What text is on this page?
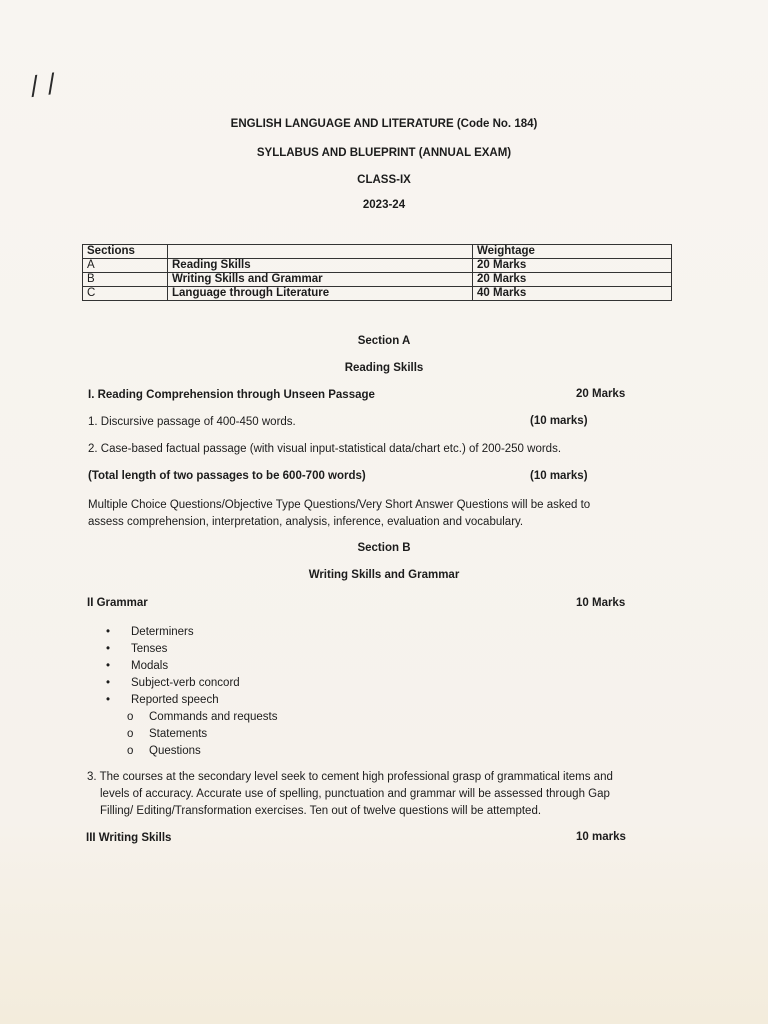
/ /
ENGLISH LANGUAGE AND LITERATURE (Code No. 184)
SYLLABUS AND BLUEPRINT (ANNUAL EXAM)
CLASS-IX
2023-24
Sections		Weightage
A	Reading Skills	20 Marks
B	Writing Skills and Grammar	20 Marks
C	Language through Literature	40 Marks
Section A
Reading Skills
I. Reading Comprehension through Unseen Passage	20 Marks
1. Discursive passage of 400-450 words.	(10 marks)
2. Case-based factual passage (with visual input-statistical data/chart etc.) of 200-250 words.
(Total length of two passages to be 600-700 words)	(10 marks)
Multiple Choice Questions/Objective Type Questions/Very Short Answer Questions will be asked to
assess comprehension, interpretation, analysis, inference, evaluation and vocabulary.
Section B
Writing Skills and Grammar
II Grammar	10 Marks
• Determiners
• Tenses
• Modals
• Subject-verb concord
• Reported speech
o Commands and requests
o Statements
o Questions
3. The courses at the secondary level seek to cement high professional grasp of grammatical items and
levels of accuracy. Accurate use of spelling, punctuation and grammar will be assessed through Gap
Filling/ Editing/Transformation exercises. Ten out of twelve questions will be attempted.
III Writing Skills	10 marks
